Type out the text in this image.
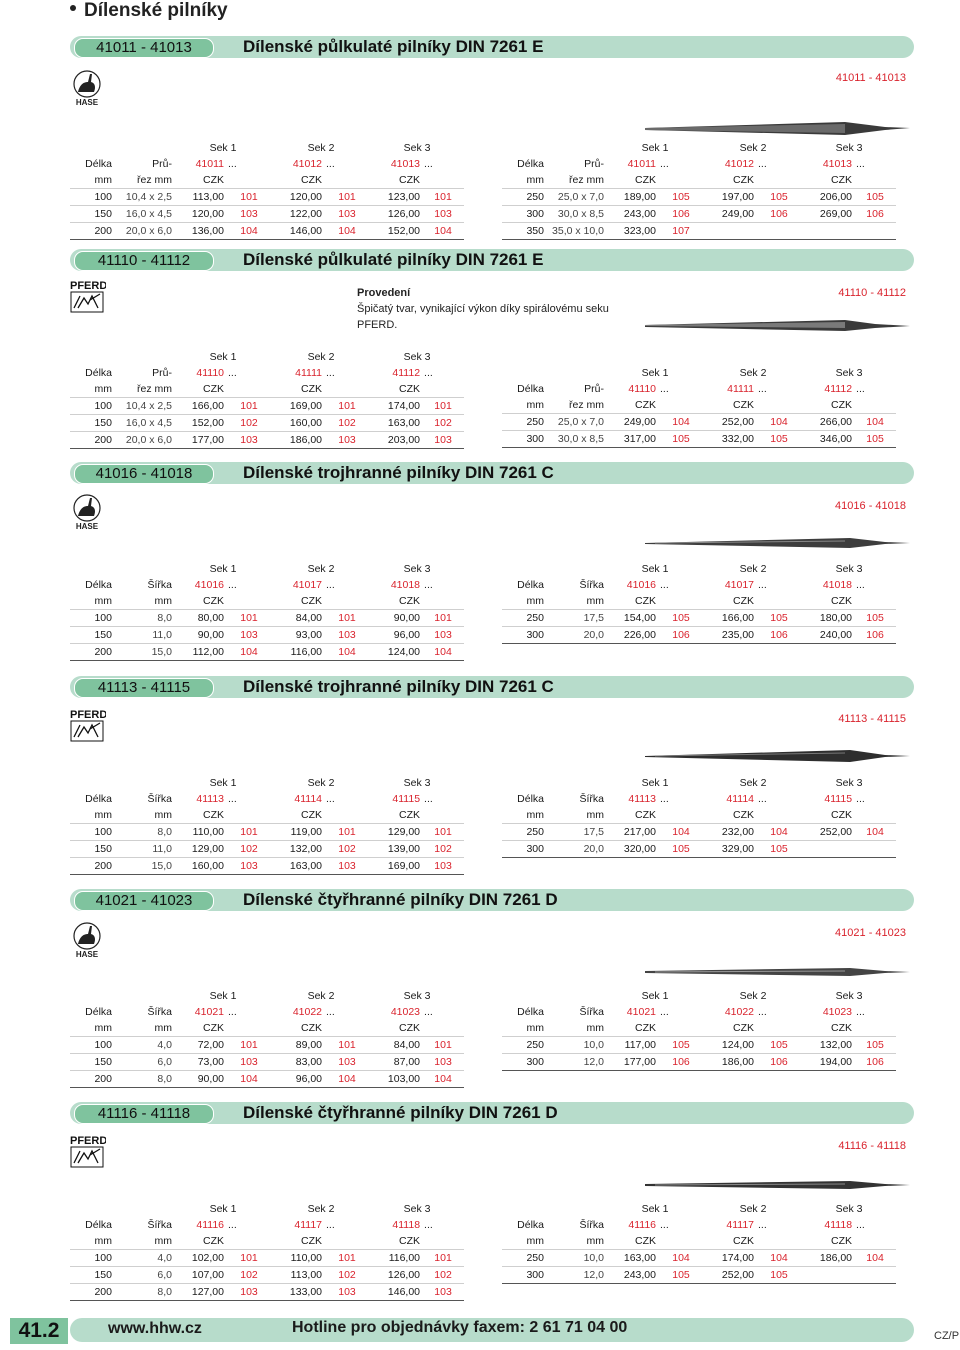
Dílenské pilníky
41011 - 41013	Dílenské půlkulaté pilníky DIN 7261 E
HASE
41011 - 41013
		Sek 1		Sek 2		Sek 3	
Délka	Prů-	41011	...	41012	...	41013	...
mm	řez mm	CZK		CZK		CZK	
100	10,4 x 2,5	113,00	101	120,00	101	123,00	101
150	16,0 x 4,5	120,00	103	122,00	103	126,00	103
200	20,0 x 6,0	136,00	104	146,00	104	152,00	104
		Sek 1		Sek 2		Sek 3	
Délka	Prů-	41011	...	41012	...	41013	...
mm	řez mm	CZK		CZK		CZK	
250	25,0 x 7,0	189,00	105	197,00	105	206,00	105
300	30,0 x 8,5	243,00	106	249,00	106	269,00	106
350	35,0 x 10,0	323,00	107				
41110 - 41112	Dílenské půlkulaté pilníky DIN 7261 E
PFERD
41110 - 41112
Provedení
Špičatý tvar, vynikající výkon díky spirálovému seku
PFERD.
		Sek 1		Sek 2		Sek 3	
Délka	Prů-	41110	...	41111	...	41112	...
mm	řez mm	CZK		CZK		CZK	
100	10,4 x 2,5	166,00	101	169,00	101	174,00	101
150	16,0 x 4,5	152,00	102	160,00	102	163,00	102
200	20,0 x 6,0	177,00	103	186,00	103	203,00	103
		Sek 1		Sek 2		Sek 3	
Délka	Prů-	41110	...	41111	...	41112	...
mm	řez mm	CZK		CZK		CZK	
250	25,0 x 7,0	249,00	104	252,00	104	266,00	104
300	30,0 x 8,5	317,00	105	332,00	105	346,00	105
41016 - 41018	Dílenské trojhranné pilníky DIN 7261 C
HASE
41016 - 41018
		Sek 1		Sek 2		Sek 3	
Délka	Šířka	41016	...	41017	...	41018	...
mm	mm	CZK		CZK		CZK	
100	8,0	80,00	101	84,00	101	90,00	101
150	11,0	90,00	103	93,00	103	96,00	103
200	15,0	112,00	104	116,00	104	124,00	104
		Sek 1		Sek 2		Sek 3	
Délka	Šířka	41016	...	41017	...	41018	...
mm	mm	CZK		CZK		CZK	
250	17,5	154,00	105	166,00	105	180,00	105
300	20,0	226,00	106	235,00	106	240,00	106
41113 - 41115	Dílenské trojhranné pilníky DIN 7261 C
PFERD	41113 - 41115
		Sek 1		Sek 2		Sek 3	
Délka	Šířka	41113	...	41114	...	41115	...
mm	mm	CZK		CZK		CZK	
100	8,0	110,00	101	119,00	101	129,00	101
150	11,0	129,00	102	132,00	102	139,00	102
200	15,0	160,00	103	163,00	103	169,00	103
		Sek 1		Sek 2		Sek 3	
Délka	Šířka	41113	...	41114	...	41115	...
mm	mm	CZK		CZK		CZK	
250	17,5	217,00	104	232,00	104	252,00	104
300	20,0	320,00	105	329,00	105		
41021 - 41023	Dílenské čtyřhranné pilníky DIN 7261 D
HASE
41021 - 41023
		Sek 1		Sek 2		Sek 3	
Délka	Šířka	41021	...	41022	...	41023	...
mm	mm	CZK		CZK		CZK	
100	4,0	72,00	101	89,00	101	84,00	101
150	6,0	73,00	103	83,00	103	87,00	103
200	8,0	90,00	104	96,00	104	103,00	104
		Sek 1		Sek 2		Sek 3	
Délka	Šířka	41021	...	41022	...	41023	...
mm	mm	CZK		CZK		CZK	
250	10,0	117,00	105	124,00	105	132,00	105
300	12,0	177,00	106	186,00	106	194,00	106
41116 - 41118	Dílenské čtyřhranné pilníky DIN 7261 D
PFERD	41116 - 41118
		Sek 1		Sek 2		Sek 3	
Délka	Šířka	41116	...	41117	...	41118	...
mm	mm	CZK		CZK		CZK	
100	4,0	102,00	101	110,00	101	116,00	101
150	6,0	107,00	102	113,00	102	126,00	102
200	8,0	127,00	103	133,00	103	146,00	103
		Sek 1		Sek 2		Sek 3	
Délka	Šířka	41116	...	41117	...	41118	...
mm	mm	CZK		CZK		CZK	
250	10,0	163,00	104	174,00	104	186,00	104
300	12,0	243,00	105	252,00	105		
41.2	www.hhw.cz	Hotline pro objednávky faxem: 2 61 71 04 00	CZ/P
